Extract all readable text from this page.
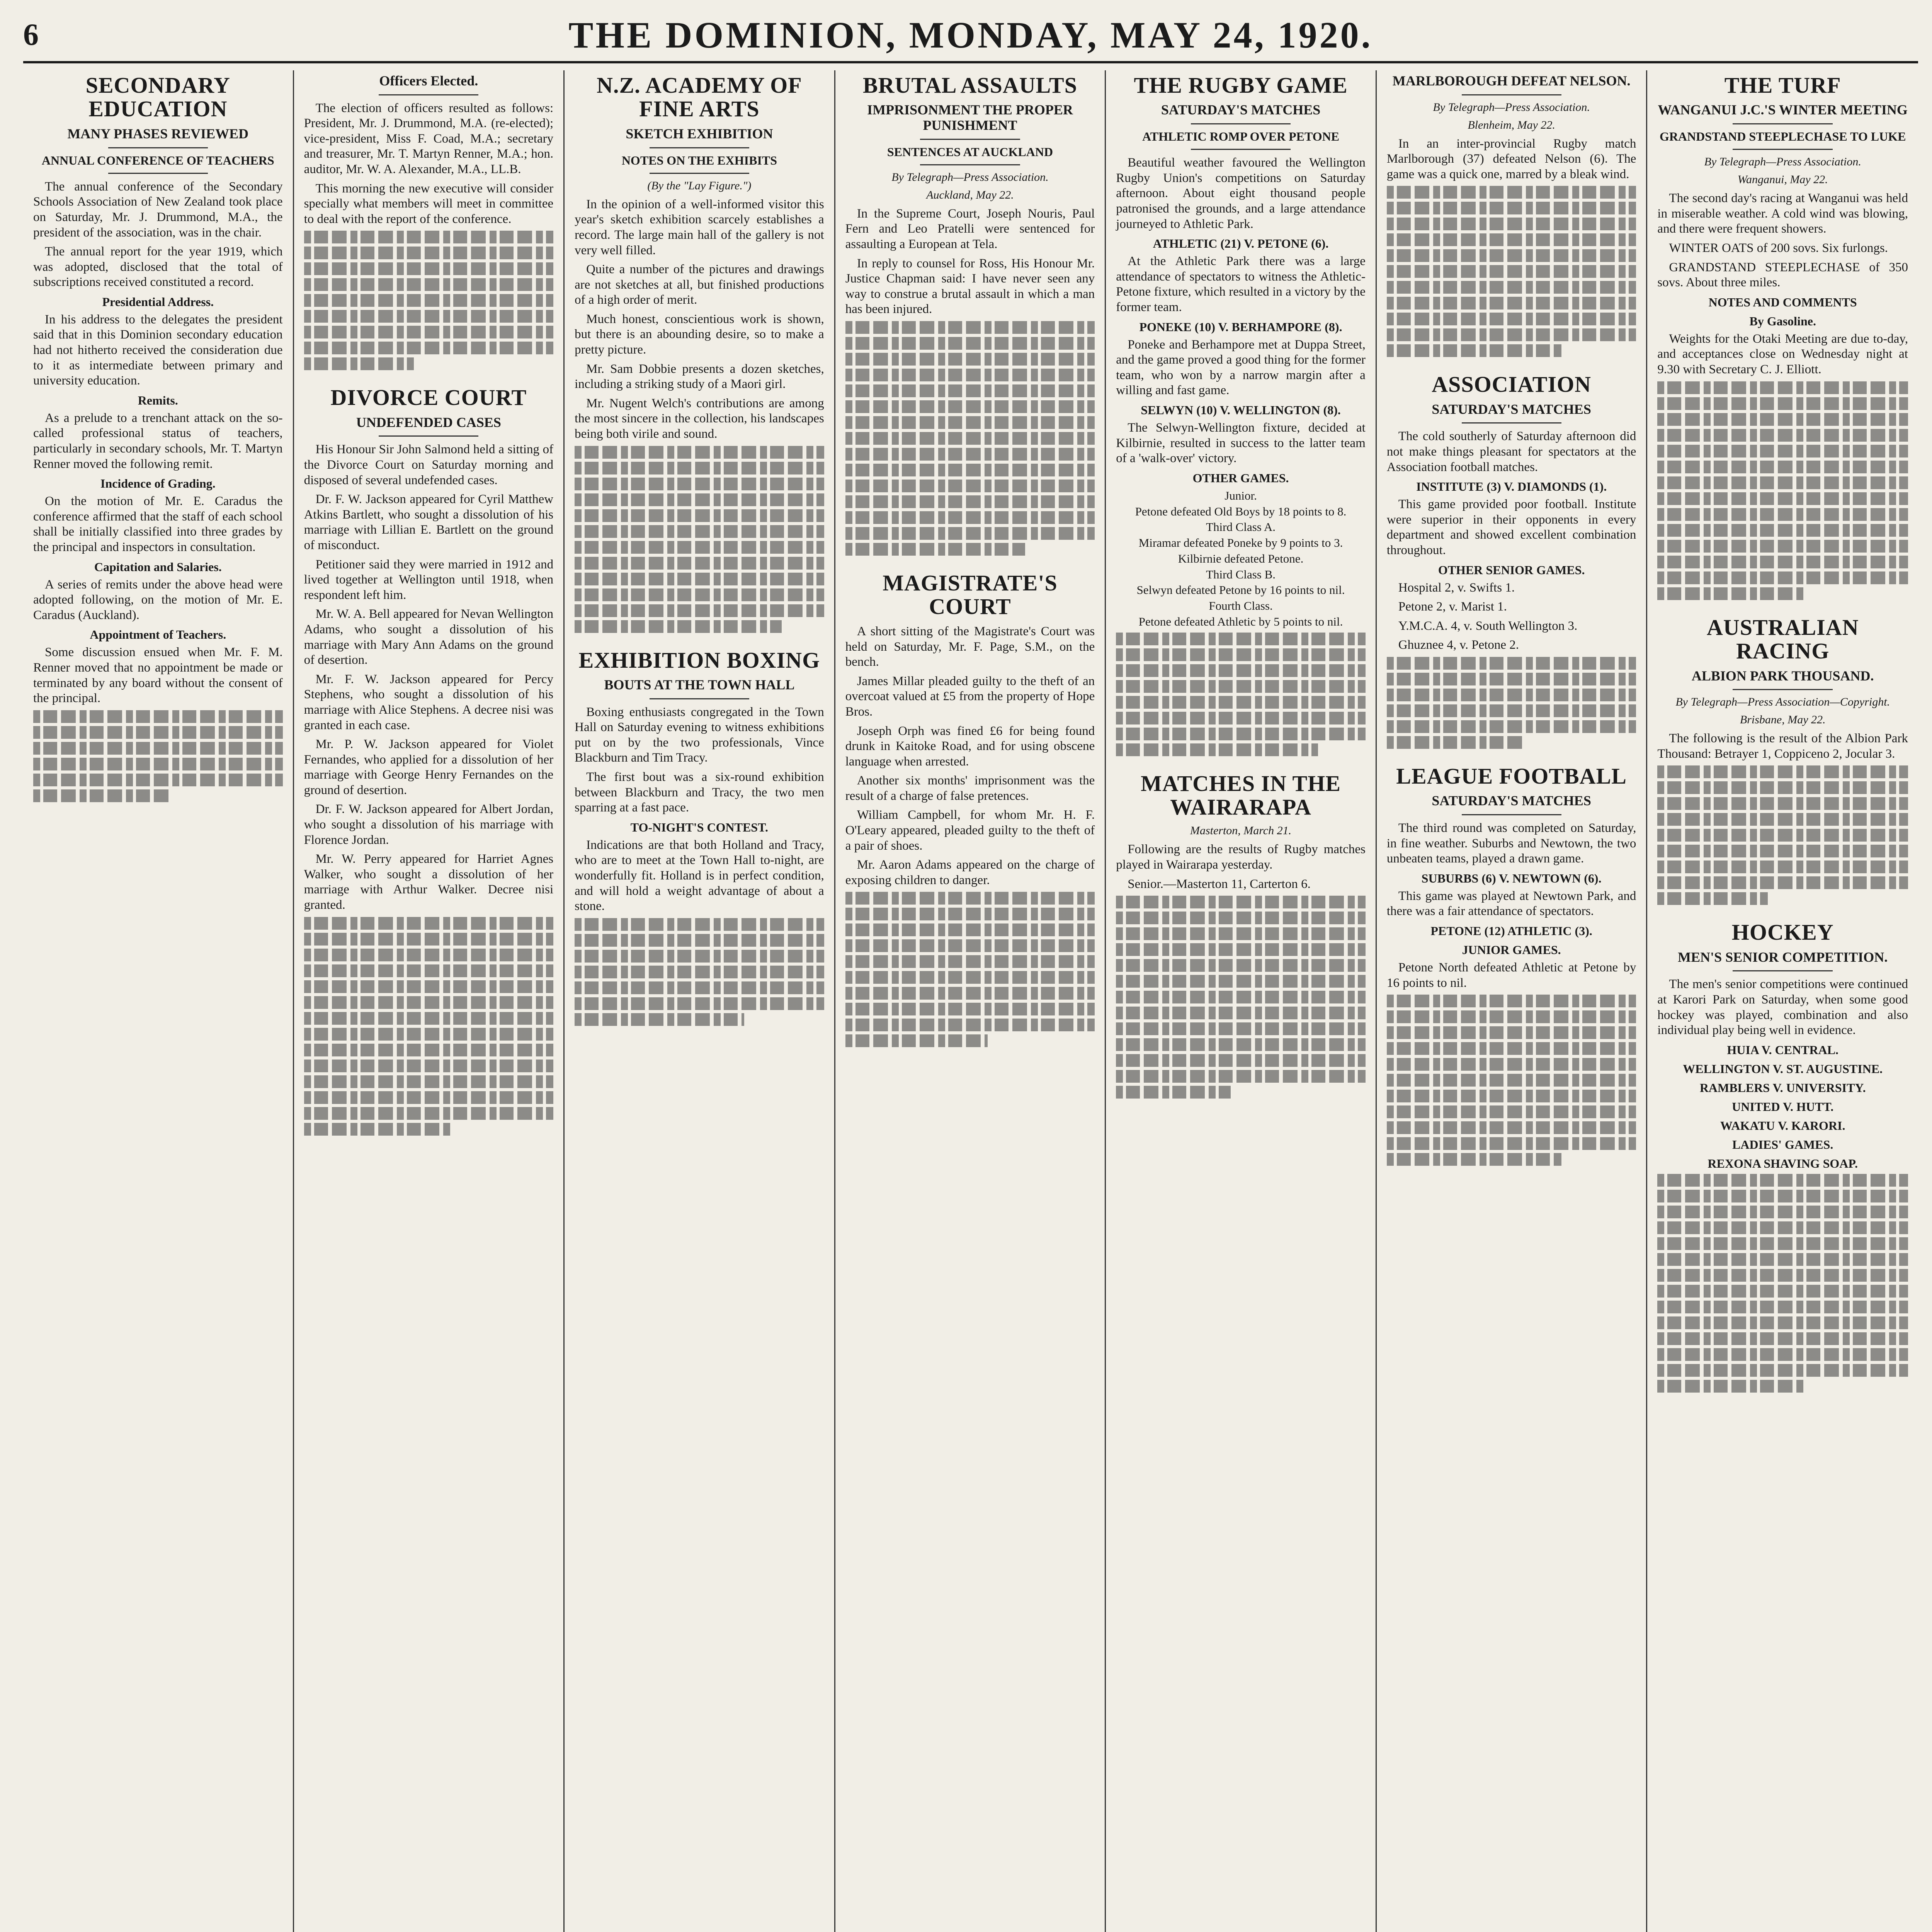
6	THE DOMINION, MONDAY, MAY 24, 1920.
SECONDARY EDUCATION
MANY PHASES REVIEWED
ANNUAL CONFERENCE OF TEACHERS
The annual conference of the Secondary Schools Association of New Zealand took place on Saturday, Mr. J. Drummond, M.A., the president of the association, was in the chair.
The annual report for the year 1919, which was adopted, disclosed that the total of subscriptions received constituted a record.
Presidential Address.
In his address to the delegates the president said that in this Dominion secondary education had not hitherto received the consideration due to it as intermediate between primary and university education.
Remits.
As a prelude to a trenchant attack on the so-called professional status of teachers, particularly in secondary schools, Mr. T. Martyn Renner moved the following remit.
Incidence of Grading.
On the motion of Mr. E. Caradus the conference affirmed that the staff of each school shall be initially classified into three grades by the principal and inspectors in consultation.
Capitation and Salaries.
A series of remits under the above head were adopted following, on the motion of Mr. E. Caradus (Auckland).
Appointment of Teachers.
Some discussion ensued when Mr. F. M. Renner moved that no appointment be made or terminated by any board without the consent of the principal.
Officers Elected.
The election of officers resulted as follows: President, Mr. J. Drummond, M.A. (re-elected); vice-president, Miss F. Coad, M.A.; secretary and treasurer, Mr. T. Martyn Renner, M.A.; hon. auditor, Mr. W. A. Alexander, M.A., LL.B.
This morning the new executive will consider specially what members will meet in committee to deal with the report of the conference.
DIVORCE COURT
UNDEFENDED CASES
His Honour Sir John Salmond held a sitting of the Divorce Court on Saturday morning and disposed of several undefended cases.
Dr. F. W. Jackson appeared for Cyril Matthew Atkins Bartlett, who sought a dissolution of his marriage with Lillian E. Bartlett on the ground of misconduct.
Petitioner said they were married in 1912 and lived together at Wellington until 1918, when respondent left him.
Mr. W. A. Bell appeared for Nevan Wellington Adams, who sought a dissolution of his marriage with Mary Ann Adams on the ground of desertion.
Mr. F. W. Jackson appeared for Percy Stephens, who sought a dissolution of his marriage with Alice Stephens. A decree nisi was granted in each case.
Mr. P. W. Jackson appeared for Violet Fernandes, who applied for a dissolution of her marriage with George Henry Fernandes on the ground of desertion.
Dr. F. W. Jackson appeared for Albert Jordan, who sought a dissolution of his marriage with Florence Jordan.
Mr. W. Perry appeared for Harriet Agnes Walker, who sought a dissolution of her marriage with Arthur Walker. Decree nisi granted.
N.Z. ACADEMY OF FINE ARTS
SKETCH EXHIBITION
NOTES ON THE EXHIBITS
(By the "Lay Figure.")
In the opinion of a well-informed visitor this year's sketch exhibition scarcely establishes a record. The large main hall of the gallery is not very well filled.
Quite a number of the pictures and drawings are not sketches at all, but finished productions of a high order of merit.
Much honest, conscientious work is shown, but there is an abounding desire, so to make a pretty picture.
Mr. Sam Dobbie presents a dozen sketches, including a striking study of a Maori girl.
Mr. Nugent Welch's contributions are among the most sincere in the collection, his landscapes being both virile and sound.
EXHIBITION BOXING
BOUTS AT THE TOWN HALL
Boxing enthusiasts congregated in the Town Hall on Saturday evening to witness exhibitions put on by the two professionals, Vince Blackburn and Tim Tracy.
The first bout was a six-round exhibition between Blackburn and Tracy, the two men sparring at a fast pace.
TO-NIGHT'S CONTEST.
Indications are that both Holland and Tracy, who are to meet at the Town Hall to-night, are wonderfully fit. Holland is in perfect condition, and will hold a weight advantage of about a stone.
BRUTAL ASSAULTS
IMPRISONMENT THE PROPER PUNISHMENT
SENTENCES AT AUCKLAND
By Telegraph—Press Association.
Auckland, May 22.
In the Supreme Court, Joseph Nouris, Paul Fern and Leo Pratelli were sentenced for assaulting a European at Tela.
In reply to counsel for Ross, His Honour Mr. Justice Chapman said: I have never seen any way to construe a brutal assault in which a man has been injured.
MAGISTRATE'S COURT
A short sitting of the Magistrate's Court was held on Saturday, Mr. F. Page, S.M., on the bench.
James Millar pleaded guilty to the theft of an overcoat valued at £5 from the property of Hope Bros.
Joseph Orph was fined £6 for being found drunk in Kaitoke Road, and for using obscene language when arrested.
Another six months' imprisonment was the result of a charge of false pretences.
William Campbell, for whom Mr. H. F. O'Leary appeared, pleaded guilty to the theft of a pair of shoes.
Mr. Aaron Adams appeared on the charge of exposing children to danger.
THE RUGBY GAME
SATURDAY'S MATCHES
ATHLETIC ROMP OVER PETONE
Beautiful weather favoured the Wellington Rugby Union's competitions on Saturday afternoon. About eight thousand people patronised the grounds, and a large attendance journeyed to Athletic Park.
ATHLETIC (21) V. PETONE (6).
At the Athletic Park there was a large attendance of spectators to witness the Athletic-Petone fixture, which resulted in a victory by the former team.
PONEKE (10) V. BERHAMPORE (8).
Poneke and Berhampore met at Duppa Street, and the game proved a good thing for the former team, who won by a narrow margin after a willing and fast game.
SELWYN (10) V. WELLINGTON (8).
The Selwyn-Wellington fixture, decided at Kilbirnie, resulted in success to the latter team of a 'walk-over' victory.
OTHER GAMES.
Junior.
Petone defeated Old Boys by 18 points to 8.
Third Class A.
Miramar defeated Poneke by 9 points to 3.
Kilbirnie defeated Petone.
Third Class B.
Selwyn defeated Petone by 16 points to nil.
Fourth Class.
Petone defeated Athletic by 5 points to nil.
MATCHES IN THE WAIRARAPA
Masterton, March 21.
Following are the results of Rugby matches played in Wairarapa yesterday.
Senior.—Masterton 11, Carterton 6.
MARLBOROUGH DEFEAT NELSON.
By Telegraph—Press Association.
Blenheim, May 22.
In an inter-provincial Rugby match Marlborough (37) defeated Nelson (6). The game was a quick one, marred by a bleak wind.
ASSOCIATION
SATURDAY'S MATCHES
The cold southerly of Saturday afternoon did not make things pleasant for spectators at the Association football matches.
INSTITUTE (3) V. DIAMONDS (1).
This game provided poor football. Institute were superior in their opponents in every department and showed excellent combination throughout.
OTHER SENIOR GAMES.
Hospital 2, v. Swifts 1.
Petone 2, v. Marist 1.
Y.M.C.A. 4, v. South Wellington 3.
Ghuznee 4, v. Petone 2.
LEAGUE FOOTBALL
SATURDAY'S MATCHES
The third round was completed on Saturday, in fine weather. Suburbs and Newtown, the two unbeaten teams, played a drawn game.
SUBURBS (6) V. NEWTOWN (6).
This game was played at Newtown Park, and there was a fair attendance of spectators.
PETONE (12) ATHLETIC (3).
JUNIOR GAMES.
Petone North defeated Athletic at Petone by 16 points to nil.
THE TURF
WANGANUI J.C.'S WINTER MEETING
GRANDSTAND STEEPLECHASE TO LUKE
By Telegraph—Press Association.
Wanganui, May 22.
The second day's racing at Wanganui was held in miserable weather. A cold wind was blowing, and there were frequent showers.
WINTER OATS of 200 sovs. Six furlongs.
GRANDSTAND STEEPLECHASE of 350 sovs. About three miles.
NOTES AND COMMENTS
By Gasoline.
Weights for the Otaki Meeting are due to-day, and acceptances close on Wednesday night at 9.30 with Secretary C. J. Elliott.
AUSTRALIAN RACING
ALBION PARK THOUSAND.
By Telegraph—Press Association—Copyright.
Brisbane, May 22.
The following is the result of the Albion Park Thousand: Betrayer 1, Coppiceno 2, Jocular 3.
HOCKEY
MEN'S SENIOR COMPETITION.
The men's senior competitions were continued at Karori Park on Saturday, when some good hockey was played, combination and also individual play being well in evidence.
HUIA V. CENTRAL.
WELLINGTON V. ST. AUGUSTINE.
RAMBLERS V. UNIVERSITY.
UNITED V. HUTT.
WAKATU V. KARORI.
LADIES' GAMES.
REXONA SHAVING SOAP.
